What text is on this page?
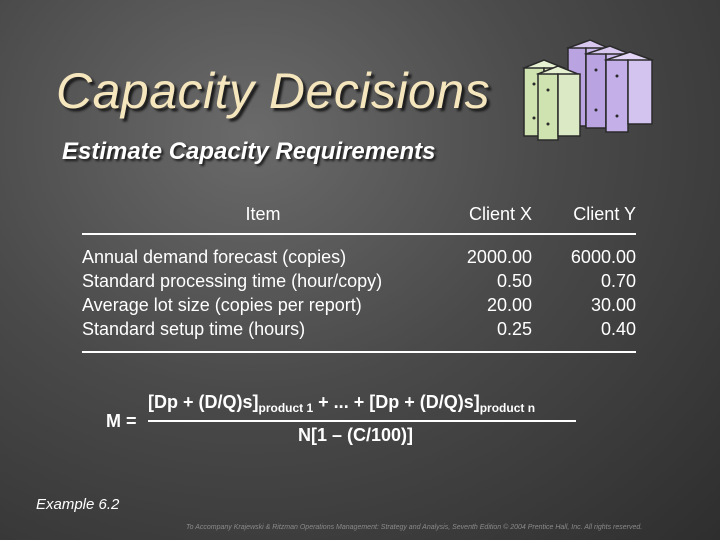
Capacity Decisions
Estimate Capacity Requirements
Item	Client X	Client Y
Annual demand forecast (copies)	2000.00	6000.00
Standard processing time (hour/copy)	0.50	0.70
Average lot size (copies per report)	20.00	30.00
Standard setup time (hours)	0.25	0.40
M =
$[Dp + (D/Q)s]_{product 1}$ + ... + $[Dp + (D/Q)s]_{product n}$
N[1 – (C/100)]
Example 6.2
To Accompany Krajewski & Ritzman Operations Management: Strategy and Analysis, Seventh Edition © 2004 Prentice Hall, Inc. All rights reserved.
